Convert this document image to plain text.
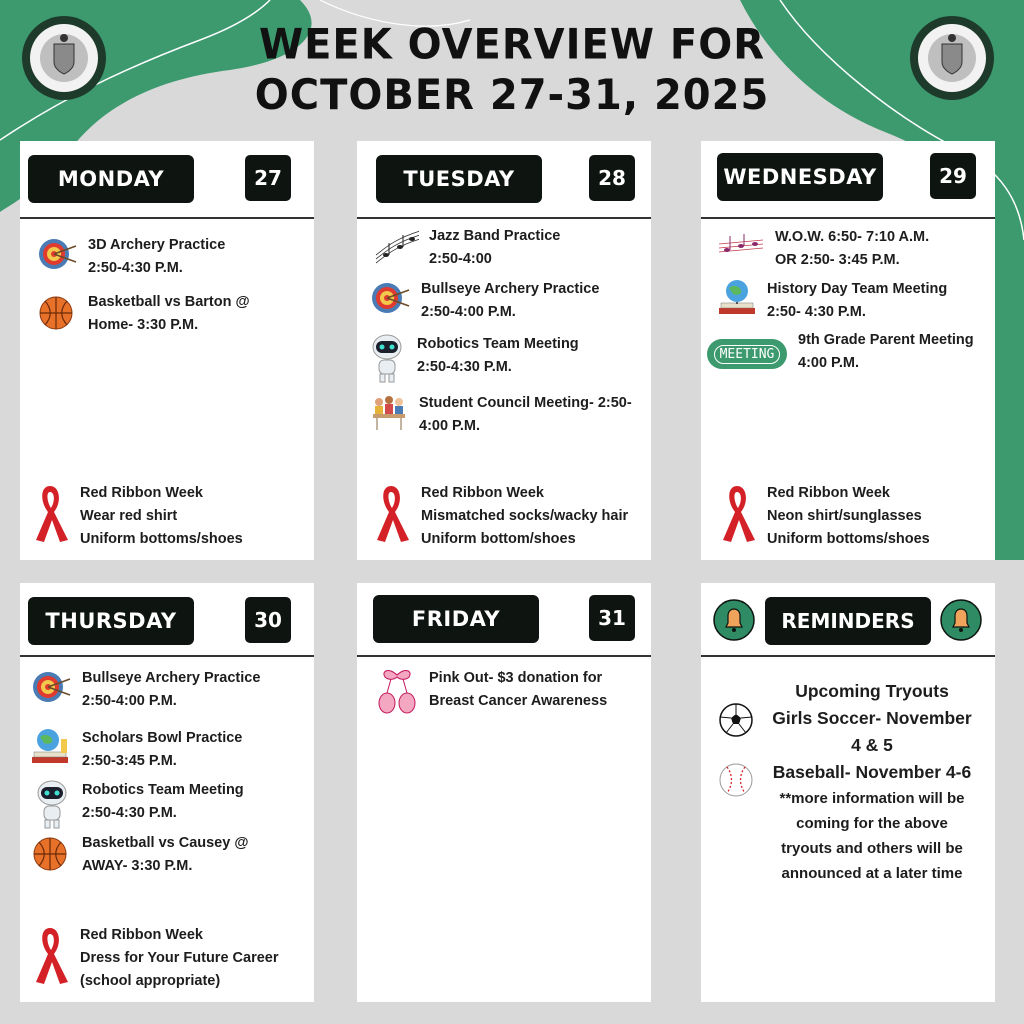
WEEK OVERVIEW FOR
OCTOBER 27-31, 2025
MONDAY	27
3D Archery Practice
2:50-4:30 P.M.
Basketball vs Barton @
Home- 3:30 P.M.
Red Ribbon Week
Wear red shirt
Uniform bottoms/shoes
TUESDAY	28
Jazz Band Practice
2:50-4:00
Bullseye Archery Practice
2:50-4:00 P.M.
Robotics Team Meeting
2:50-4:30 P.M.
Student Council Meeting- 2:50-
4:00 P.M.
Red Ribbon Week
Mismatched socks/wacky hair
Uniform bottom/shoes
WEDNESDAY	29
W.O.W. 6:50- 7:10 A.M.
OR 2:50- 3:45 P.M.
History Day Team Meeting
2:50- 4:30 P.M.
MEETING
9th Grade Parent Meeting
4:00 P.M.
Red Ribbon Week
Neon shirt/sunglasses
Uniform bottoms/shoes
THURSDAY	30
Bullseye Archery Practice
2:50-4:00 P.M.
Scholars Bowl Practice
2:50-3:45 P.M.
Robotics Team Meeting
2:50-4:30 P.M.
Basketball vs Causey @
AWAY- 3:30 P.M.
Red Ribbon Week
Dress for Your Future Career
(school appropriate)
FRIDAY	31
Pink Out- $3 donation for
Breast Cancer Awareness
REMINDERS
Upcoming Tryouts
Girls Soccer- November
4 & 5
Baseball- November 4-6
**more information will be
coming for the above
tryouts and others will be
announced at a later time
